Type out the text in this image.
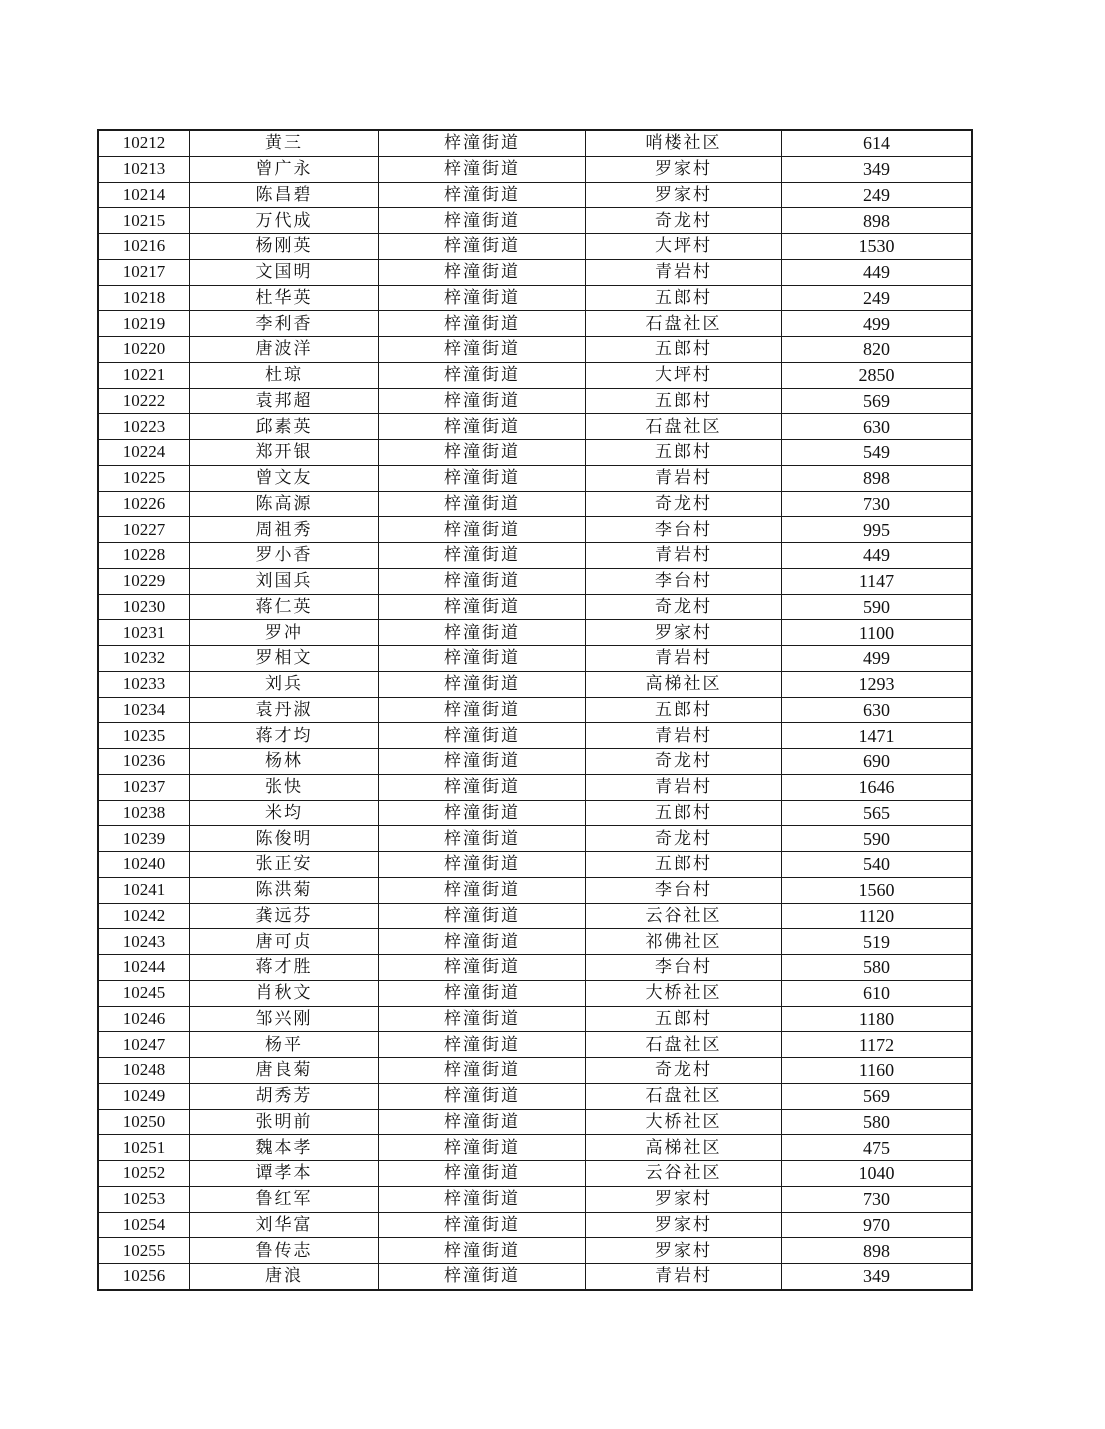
10212	黄三	梓潼街道	哨楼社区	614
10213	曾广永	梓潼街道	罗家村	349
10214	陈昌碧	梓潼街道	罗家村	249
10215	万代成	梓潼街道	奇龙村	898
10216	杨刚英	梓潼街道	大坪村	1530
10217	文国明	梓潼街道	青岩村	449
10218	杜华英	梓潼街道	五郎村	249
10219	李利香	梓潼街道	石盘社区	499
10220	唐波洋	梓潼街道	五郎村	820
10221	杜琼	梓潼街道	大坪村	2850
10222	袁邦超	梓潼街道	五郎村	569
10223	邱素英	梓潼街道	石盘社区	630
10224	郑开银	梓潼街道	五郎村	549
10225	曾文友	梓潼街道	青岩村	898
10226	陈高源	梓潼街道	奇龙村	730
10227	周祖秀	梓潼街道	李台村	995
10228	罗小香	梓潼街道	青岩村	449
10229	刘国兵	梓潼街道	李台村	1147
10230	蒋仁英	梓潼街道	奇龙村	590
10231	罗冲	梓潼街道	罗家村	1100
10232	罗相文	梓潼街道	青岩村	499
10233	刘兵	梓潼街道	高梯社区	1293
10234	袁丹淑	梓潼街道	五郎村	630
10235	蒋才均	梓潼街道	青岩村	1471
10236	杨林	梓潼街道	奇龙村	690
10237	张快	梓潼街道	青岩村	1646
10238	米均	梓潼街道	五郎村	565
10239	陈俊明	梓潼街道	奇龙村	590
10240	张正安	梓潼街道	五郎村	540
10241	陈洪菊	梓潼街道	李台村	1560
10242	龚远芬	梓潼街道	云谷社区	1120
10243	唐可贞	梓潼街道	祁佛社区	519
10244	蒋才胜	梓潼街道	李台村	580
10245	肖秋文	梓潼街道	大桥社区	610
10246	邹兴刚	梓潼街道	五郎村	1180
10247	杨平	梓潼街道	石盘社区	1172
10248	唐良菊	梓潼街道	奇龙村	1160
10249	胡秀芳	梓潼街道	石盘社区	569
10250	张明前	梓潼街道	大桥社区	580
10251	魏本孝	梓潼街道	高梯社区	475
10252	谭孝本	梓潼街道	云谷社区	1040
10253	鲁红军	梓潼街道	罗家村	730
10254	刘华富	梓潼街道	罗家村	970
10255	鲁传志	梓潼街道	罗家村	898
10256	唐浪	梓潼街道	青岩村	349
